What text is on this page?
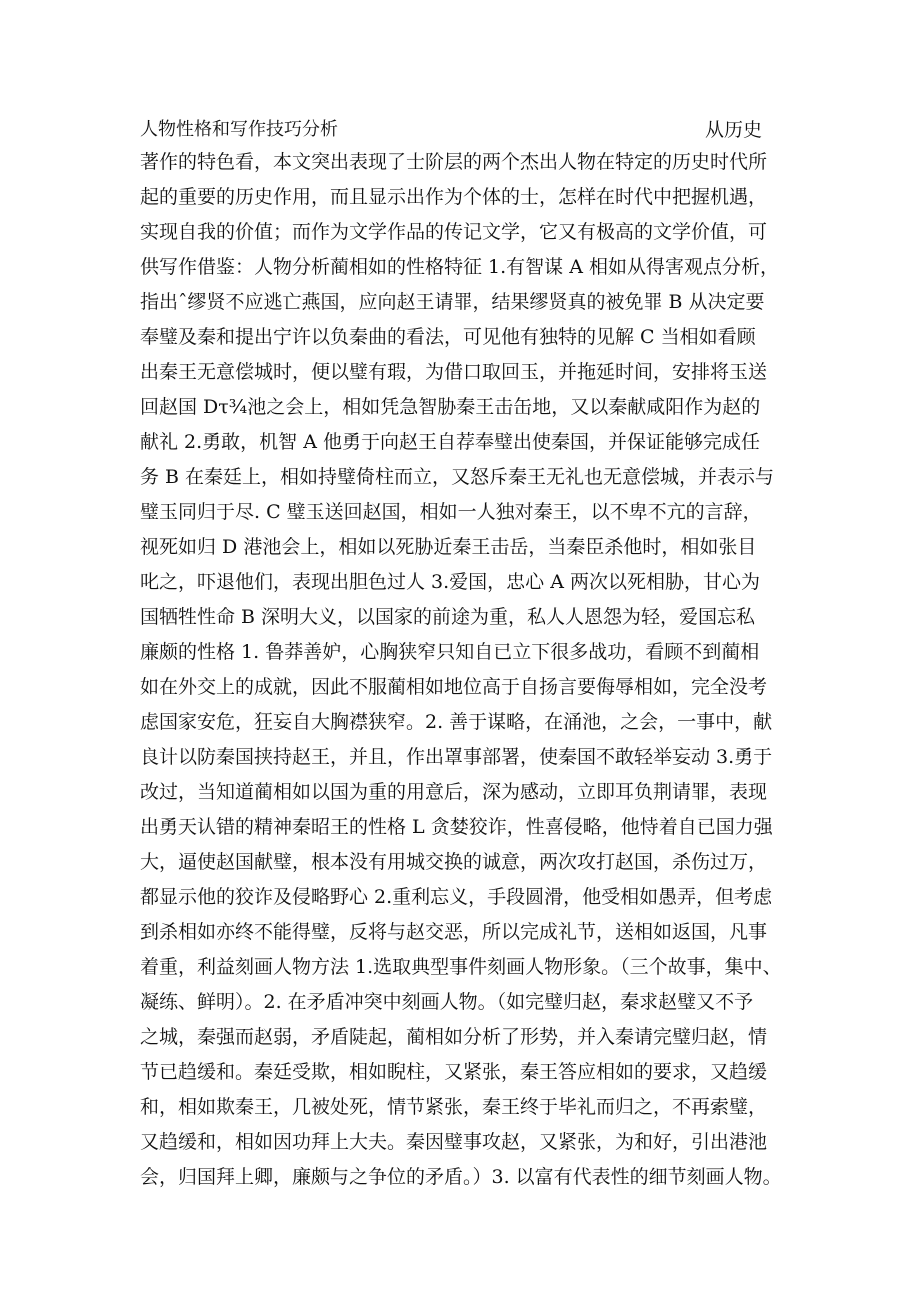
人物性格和写作技巧分析	从历史
著作的特色看，本文突出表现了士阶层的两个杰出人物在特定的历史时代所
起的重要的历史作用，而且显示出作为个体的士，怎样在时代中把握机遇，
实现自我的价值；而作为文学作品的传记文学，它又有极高的文学价值，可
供写作借鉴：人物分析蔺相如的性格特征 1.有智谋 A 相如从得害观点分析，
指出ˆ缪贤不应逃亡燕国，应向赵王请罪，结果缪贤真的被免罪 B 从决定要
奉璧及秦和提出宁许以负秦曲的看法，可见他有独特的见解 C 当相如看顾
出秦王无意偿城时，便以璧有瑕，为借口取回玉，并拖延时间，安排将玉送
回赵国 Dτ¾池之会上，相如凭急智胁秦王击缶地，又以秦献咸阳作为赵的
献礼 2.勇敢，机智 A 他勇于向赵王自荐奉璧出使秦国，并保证能够完成任
务 B 在秦廷上，相如持璧倚柱而立，又怒斥秦王无礼也无意偿城，并表示与
璧玉同归于尽. C 璧玉送回赵国，相如一人独对秦王，以不卑不亢的言辞，
视死如归 D 港池会上，相如以死胁近秦王击岳，当秦臣杀他时，相如张目
叱之，吓退他们，表现出胆色过人 3.爱国，忠心 A 两次以死相胁，甘心为
国牺牲性命 B 深明大义，以国家的前途为重，私人人恩怨为轻，爱国忘私
廉颇的性格 1. 鲁莽善妒，心胸狭窄只知自已立下很多战功，看顾不到蔺相
如在外交上的成就，因此不服蔺相如地位高于自扬言要侮辱相如，完全没考
虑国家安危，狂妄自大胸襟狭窄。2. 善于谋略，在涌池，之会，一事中，献
良计以防秦国挟持赵王，并且，作出罩事部署，使秦国不敢轻举妄动 3.勇于
改过，当知道蔺相如以国为重的用意后，深为感动，立即耳负荆请罪，表现
出勇天认错的精神秦昭王的性格 L 贪婪狡诈，性喜侵略，他恃着自已国力强
大，逼使赵国献璧，根本没有用城交换的诚意，两次攻打赵国，杀伤过万，
都显示他的狡诈及侵略野心 2.重利忘义，手段圆滑，他受相如愚弄，但考虑
到杀相如亦终不能得璧，反将与赵交恶，所以完成礼节，送相如返国，凡事
着重，利益刻画人物方法 1.选取典型事件刻画人物形象。（三个故事，集中、
凝练、鲜明）。2. 在矛盾冲突中刻画人物。（如完璧归赵，秦求赵璧又不予
之城，秦强而赵弱，矛盾陡起，蔺相如分析了形势，并入秦请完璧归赵，情
节已趋缓和。秦廷受欺，相如睨柱，又紧张，秦王答应相如的要求，又趋缓
和，相如欺秦王，几被处死，情节紧张，秦王终于毕礼而归之，不再索璧，
又趋缓和，相如因功拜上大夫。秦因璧事攻赵，又紧张，为和好，引出港池
会，归国拜上卿，廉颇与之争位的矛盾。）3. 以富有代表性的细节刻画人物。
